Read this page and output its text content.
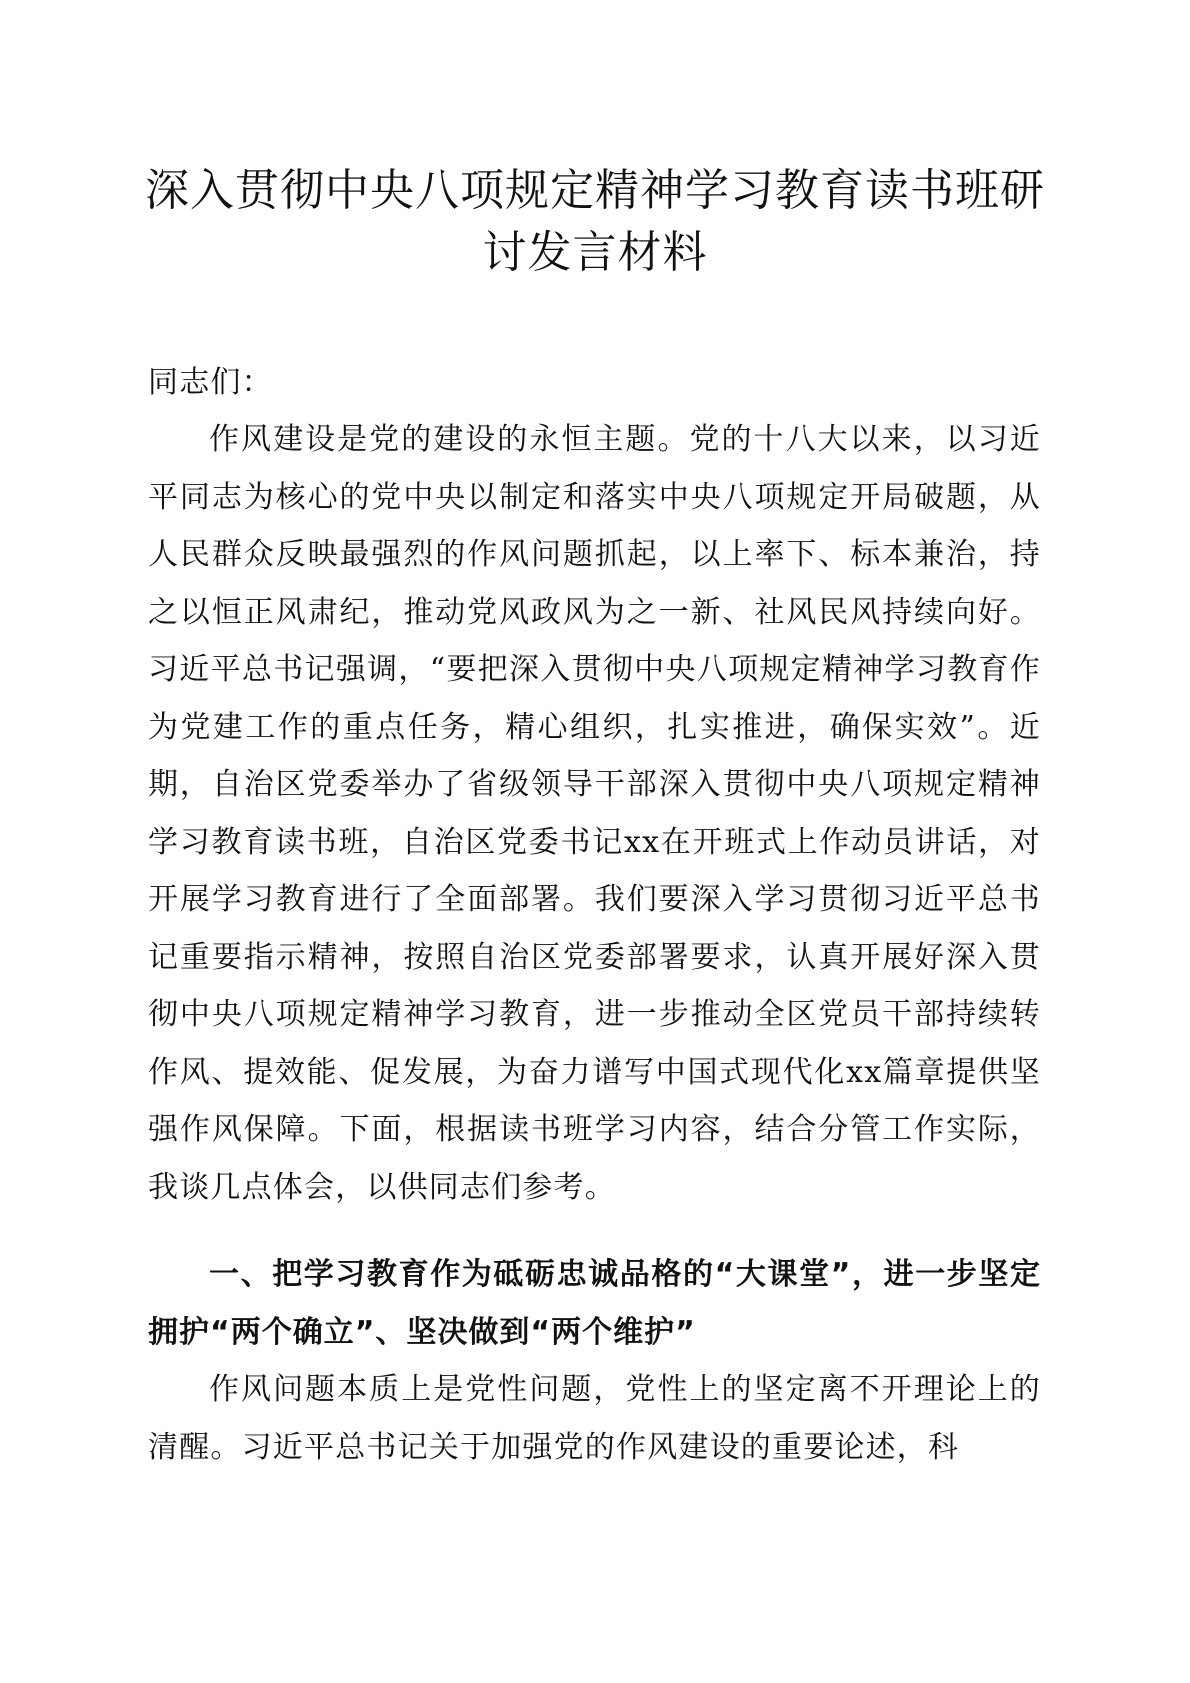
深入贯彻中央八项规定精神学习教育读书班研讨发言材料

同志们：

作风建设是党的建设的永恒主题。党的十八大以来，以习近平同志为核心的党中央以制定和落实中央八项规定开局破题，从人民群众反映最强烈的作风问题抓起，以上率下、标本兼治，持之以恒正风肃纪，推动党风政风为之一新、社风民风持续向好。习近平总书记强调，“要把深入贯彻中央八项规定精神学习教育作为党建工作的重点任务，精心组织，扎实推进，确保实效”。近期，自治区党委举办了省级领导干部深入贯彻中央八项规定精神学习教育读书班，自治区党委书记xx在开班式上作动员讲话，对开展学习教育进行了全面部署。我们要深入学习贯彻习近平总书记重要指示精神，按照自治区党委部署要求，认真开展好深入贯彻中央八项规定精神学习教育，进一步推动全区党员干部持续转作风、提效能、促发展，为奋力谱写中国式现代化xx篇章提供坚强作风保障。下面，根据读书班学习内容，结合分管工作实际，我谈几点体会，以供同志们参考。

一、把学习教育作为砥砺忠诚品格的“大课堂”，进一步坚定拥护“两个确立”、坚决做到“两个维护”

作风问题本质上是党性问题，党性上的坚定离不开理论上的清醒。习近平总书记关于加强党的作风建设的重要论述，科
